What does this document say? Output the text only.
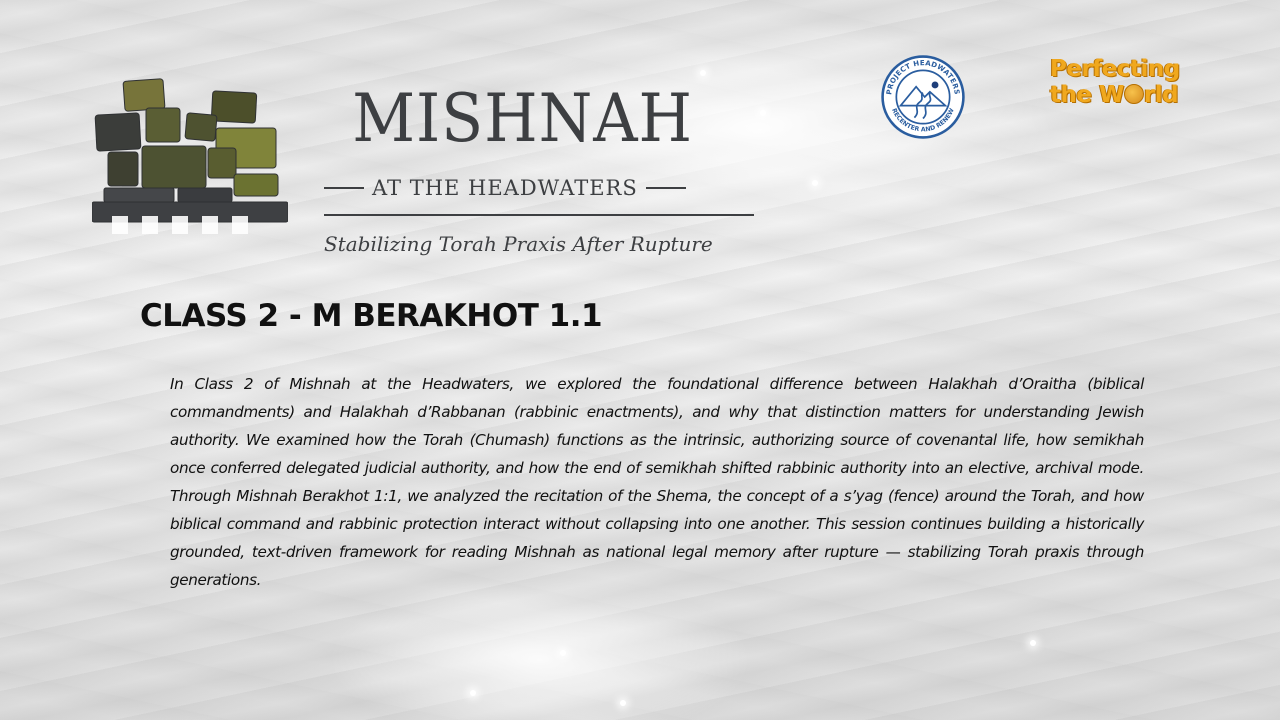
MISHNAH
AT THE HEADWATERS
Stabilizing Torah Praxis After Rupture
PROJECT HEADWATERS
RECENTER AND RENEW
Perfecting
the W rld
CLASS 2 - M BERAKHOT 1.1

In Class 2 of Mishnah at the Headwaters, we explored the foundational difference between Halakhah d’Oraitha (biblical commandments) and Halakhah d’Rabbanan (rabbinic enactments), and why that distinction matters for understanding Jewish authority. We examined how the Torah (Chumash) functions as the intrinsic, authorizing source of covenantal life, how semikhah once conferred delegated judicial authority, and how the end of semikhah shifted rabbinic authority into an elective, archival mode. Through Mishnah Berakhot 1:1, we analyzed the recitation of the Shema, the concept of a s’yag (fence) around the Torah, and how biblical command and rabbinic protection interact without collapsing into one another. This session continues building a historically grounded, text-driven framework for reading Mishnah as national legal memory after rupture — stabilizing Torah praxis through generations.
